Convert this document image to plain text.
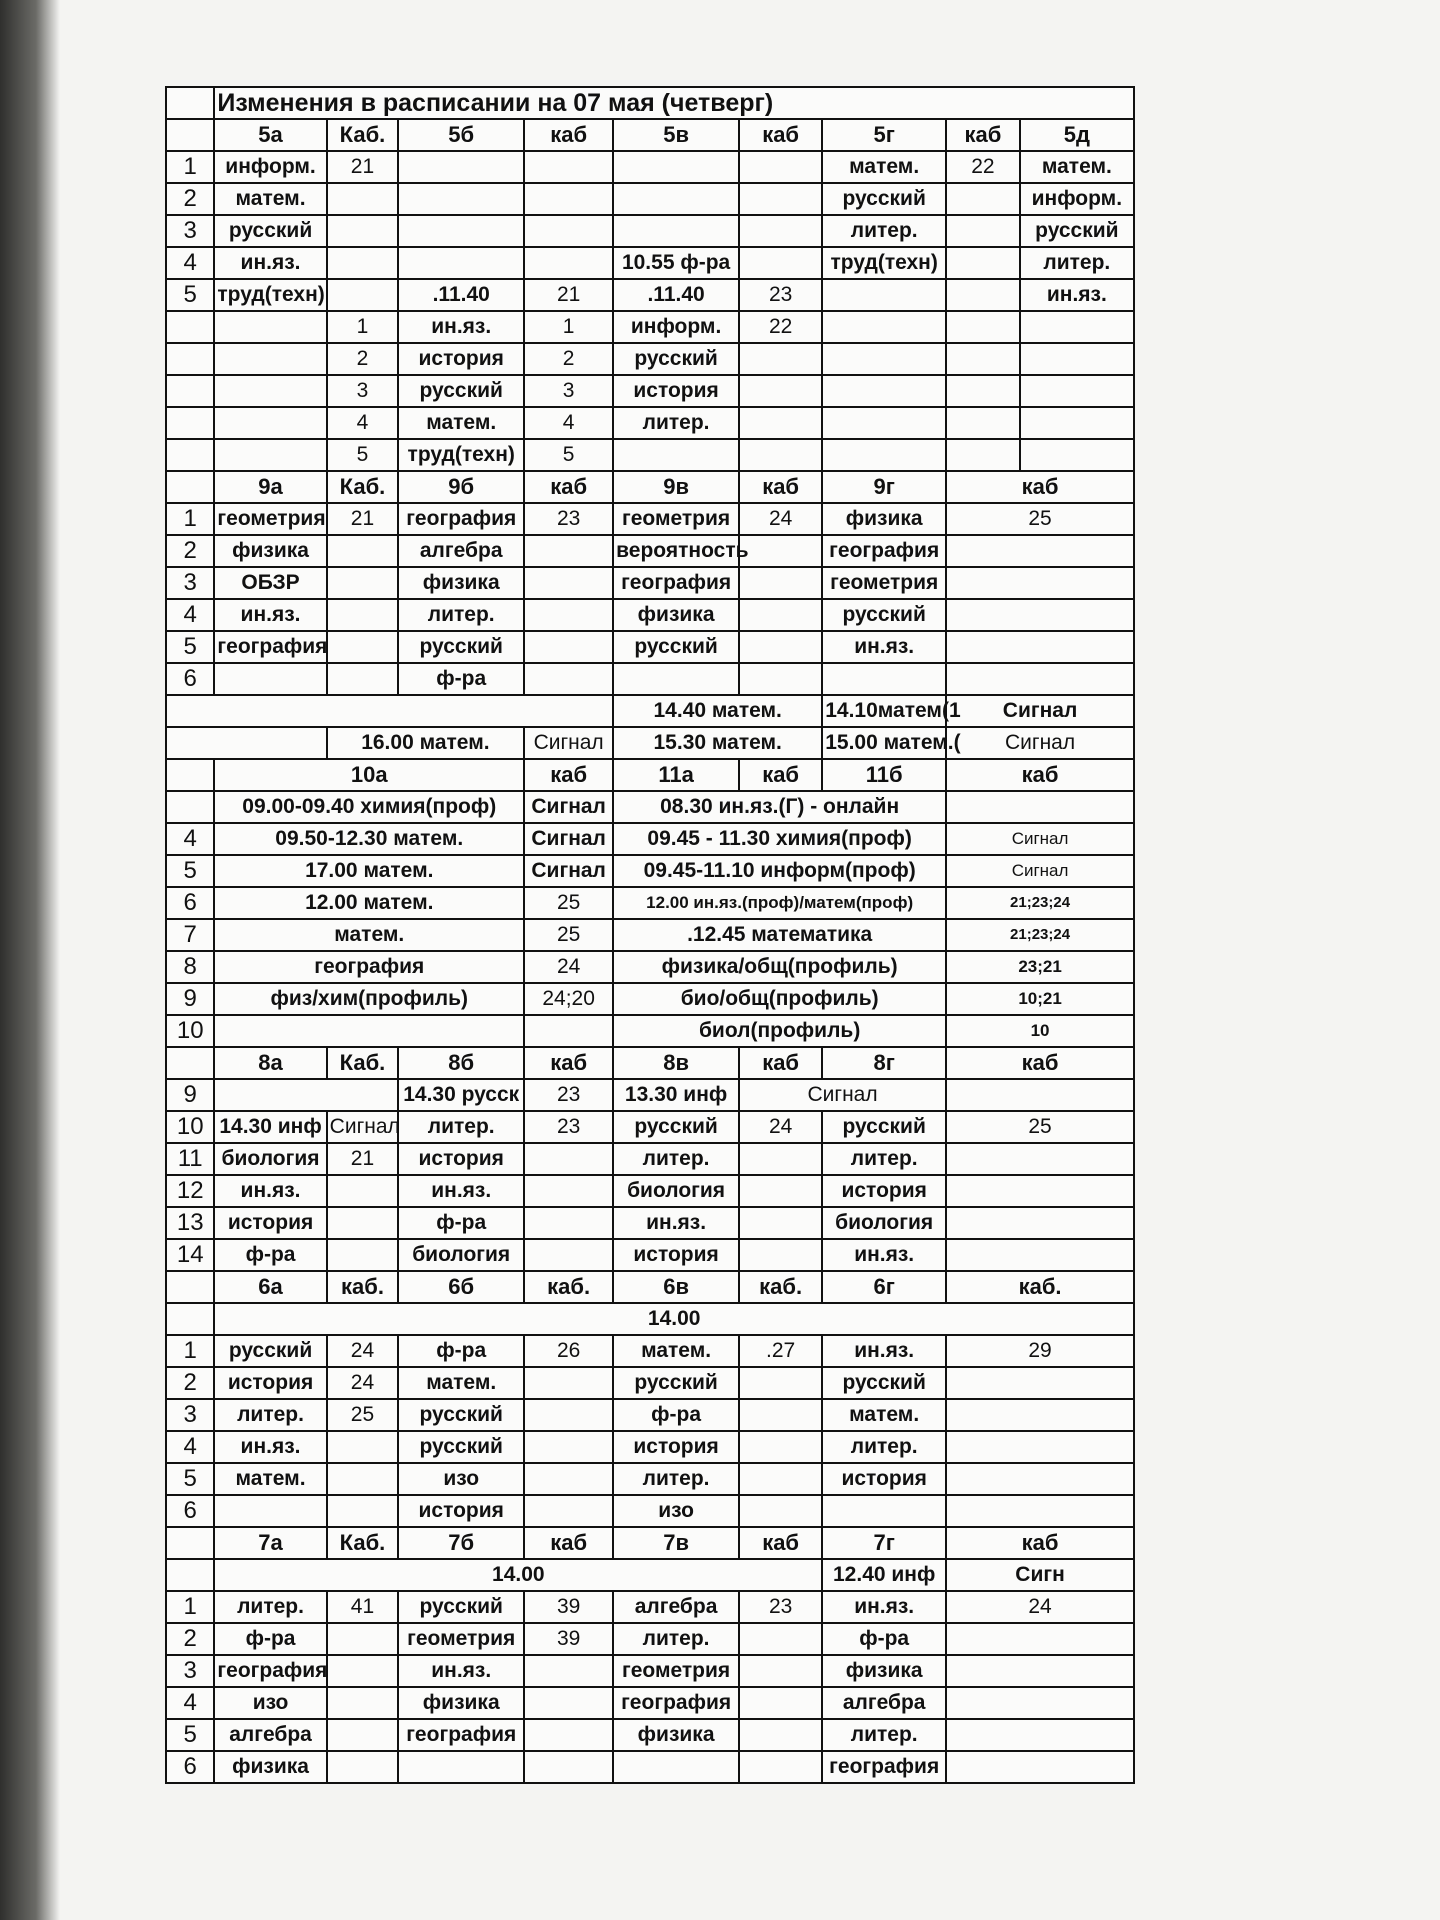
	Изменения в расписании на 07 мая (четверг)									
	5а	Каб.	5б	каб	5в	каб	5г	каб	5д	
1	информ.	21					матем.	22	матем.	
2	матем.						русский		информ.	
3	русский						литер.		русский	
4	ин.яз.				10.55 ф-ра		труд(техн)		литер.	
5	труд(техн)		.11.40	21	.11.40	23			ин.яз.	
		1	ин.яз.	1	информ.	22				
		2	история	2	русский					
		3	русский	3	история					
		4	матем.	4	литер.					
		5	труд(техн)	5						
	9а	Каб.	9б	каб	9в	каб	9г	каб		
1	геометрия	21	география	23	геометрия	24	физика	25		
2	физика		алгебра		вероятность		география			
3	ОБЗР		физика		география		геометрия			
4	ин.яз.		литер.		физика		русский			
5	география		русский		русский		ин.яз.			
6			ф-ра							
					14.40 матем.		14.10матем(1	Сигнал		
		16.00 матем.		Сигнал	15.30 матем.		15.00 матем.(	Сигнал		
	10а			каб	11а	каб	11б	каб		
	09.00-09.40 химия(проф)			Сигнал	08.30 ин.яз.(Г) - онлайн					
4	09.50-12.30 матем.			Сигнал	09.45 - 11.30 химия(проф)			Сигнал		
5	17.00 матем.			Сигнал	09.45-11.10 информ(проф)			Сигнал		
6	12.00 матем.			25	12.00 ин.яз.(проф)/матем(проф)			21;23;24		
7	матем.			25	.12.45 математика			21;23;24		
8	география			24	физика/общ(профиль)			23;21		
9	физ/хим(профиль)			24;20	био/общ(профиль)			10;21		
10					биол(профиль)			10		
	8а	Каб.	8б	каб	8в	каб	8г	каб		
9			14.30 русск	23	13.30 инф	Сигнал				
10	14.30 инф	Сигнал	литер.	23	русский	24	русский	25		
11	биология	21	история		литер.		литер.			
12	ин.яз.		ин.яз.		биология		история			
13	история		ф-ра		ин.яз.		биология			
14	ф-ра		биология		история		ин.яз.			
	6а	каб.	6б	каб.	6в	каб.	6г	каб.		
	14.00									
1	русский	24	ф-ра	26	матем.	.27	ин.яз.	29		
2	история	24	матем.		русский		русский			
3	литер.	25	русский		ф-ра		матем.			
4	ин.яз.		русский		история		литер.			
5	матем.		изо		литер.		история			
6			история		изо					
	7а	Каб.	7б	каб	7в	каб	7г	каб		
	14.00						12.40 инф	Сигн		
1	литер.	41	русский	39	алгебра	23	ин.яз.	24		
2	ф-ра		геометрия	39	литер.		ф-ра			
3	география		ин.яз.		геометрия		физика			
4	изо		физика		география		алгебра			
5	алгебра		география		физика		литер.			
6	физика						география			
